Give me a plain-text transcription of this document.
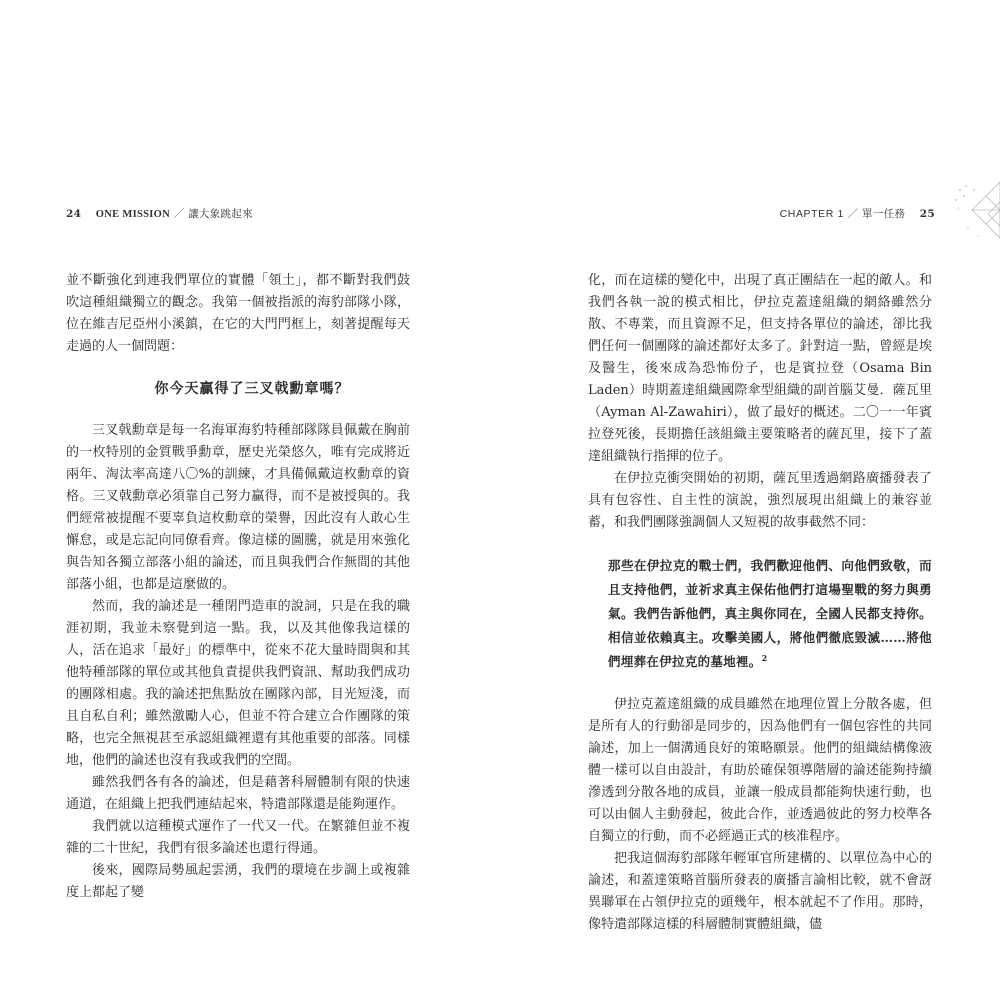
24 ONE MISSION ／ 讓大象跳起來

並不斷強化到連我們單位的實體「領土」，都不斷對我們鼓吹這種組織獨立的觀念。我第一個被指派的海豹部隊小隊，位在維吉尼亞州小溪鎮，在它的大門門框上，刻著提醒每天走過的人一個問題：

你今天贏得了三叉戟勳章嗎？

三叉戟勳章是每一名海軍海豹特種部隊隊員佩戴在胸前的一枚特別的金質戰爭勳章，歷史光榮悠久，唯有完成將近兩年、淘汰率高達八〇%的訓練，才具備佩戴這枚勳章的資格。三叉戟勳章必須靠自己努力贏得，而不是被授與的。我們經常被提醒不要辜負這枚勳章的榮譽，因此沒有人敢心生懈怠，或是忘記向同僚看齊。像這樣的圖騰，就是用來強化與告知各獨立部落小組的論述，而且與我們合作無間的其他部落小組，也都是這麼做的。

然而，我的論述是一種閉門造車的說詞，只是在我的職涯初期，我並未察覺到這一點。我，以及其他像我這樣的人，活在追求「最好」的標準中，從來不花大量時間與和其他特種部隊的單位或其他負責提供我們資訊、幫助我們成功的團隊相處。我的論述把焦點放在團隊內部，目光短淺，而且自私自利；雖然激勵人心，但並不符合建立合作團隊的策略，也完全無視甚至承認組織裡還有其他重要的部落。同樣地，他們的論述也沒有我或我們的空間。

雖然我們各有各的論述，但是藉著科層體制有限的快速通道，在組織上把我們連結起來，特遣部隊還是能夠運作。

我們就以這種模式運作了一代又一代。在繁雜但並不複雜的二十世紀，我們有很多論述也還行得通。

後來，國際局勢風起雲湧，我們的環境在步調上或複雜度上都起了變

CHAPTER 1 ／ 單一任務 25

化，而在這樣的變化中，出現了真正團結在一起的敵人。和我們各執一說的模式相比，伊拉克蓋達組織的網絡雖然分散、不專業，而且資源不足，但支持各單位的論述，卻比我們任何一個團隊的論述都好太多了。針對這一點，曾經是埃及醫生，後來成為恐怖份子，也是賓拉登（Osama Bin Laden）時期蓋達組織國際傘型組織的副首腦艾曼．薩瓦里（Ayman Al-Zawahiri），做了最好的概述。二〇一一年賓拉登死後，長期擔任該組織主要策略者的薩瓦里，接下了蓋達組織執行指揮的位子。

在伊拉克衝突開始的初期，薩瓦里透過網路廣播發表了具有包容性、自主性的演說，強烈展現出組織上的兼容並蓄，和我們團隊強調個人又短視的故事截然不同：

那些在伊拉克的戰士們，我們歡迎他們、向他們致敬，而且支持他們，並祈求真主保佑他們打這場聖戰的努力與勇氣。我們告訴他們，真主與你同在，全國人民都支持你。相信並依賴真主。攻擊美國人，將他們徹底毀滅……將他們埋葬在伊拉克的墓地裡。$^2$

伊拉克蓋達組織的成員雖然在地理位置上分散各處，但是所有人的行動卻是同步的，因為他們有一個包容性的共同論述，加上一個溝通良好的策略願景。他們的組織結構像液體一樣可以自由設計，有助於確保領導階層的論述能夠持續滲透到分散各地的成員，並讓一般成員都能夠快速行動，也可以由個人主動發起，彼此合作，並透過彼此的努力校準各自獨立的行動，而不必經過正式的核准程序。

把我這個海豹部隊年輕軍官所建構的、以單位為中心的論述，和蓋達策略首腦所發表的廣播言論相比較，就不會訝異聯軍在占領伊拉克的頭幾年，根本就起不了作用。那時，像特遣部隊這樣的科層體制實體組織，儘
